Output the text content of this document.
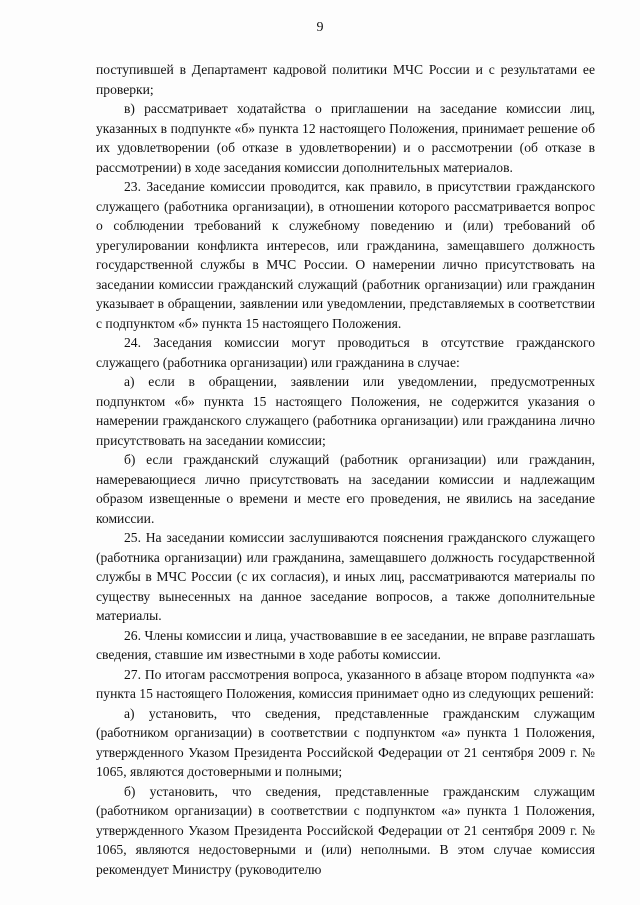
9

поступившей в Департамент кадровой политики МЧС России и с результатами ее проверки;

в) рассматривает ходатайства о приглашении на заседание комиссии лиц, указанных в подпункте «б» пункта 12 настоящего Положения, принимает решение об их удовлетворении (об отказе в удовлетворении) и о рассмотрении (об отказе в рассмотрении) в ходе заседания комиссии дополнительных материалов.

23. Заседание комиссии проводится, как правило, в присутствии гражданского служащего (работника организации), в отношении которого рассматривается вопрос о соблюдении требований к служебному поведению и (или) требований об урегулировании конфликта интересов, или гражданина, замещавшего должность государственной службы в МЧС России. О намерении лично присутствовать на заседании комиссии гражданский служащий (работник организации) или гражданин указывает в обращении, заявлении или уведомлении, представляемых в соответствии с подпунктом «б» пункта 15 настоящего Положения.

24. Заседания комиссии могут проводиться в отсутствие гражданского служащего (работника организации) или гражданина в случае:

а) если в обращении, заявлении или уведомлении, предусмотренных подпунктом «б» пункта 15 настоящего Положения, не содержится указания о намерении гражданского служащего (работника организации) или гражданина лично присутствовать на заседании комиссии;

б) если гражданский служащий (работник организации) или гражданин, намеревающиеся лично присутствовать на заседании комиссии и надлежащим образом извещенные о времени и месте его проведения, не явились на заседание комиссии.

25. На заседании комиссии заслушиваются пояснения гражданского служащего (работника организации) или гражданина, замещавшего должность государственной службы в МЧС России (с их согласия), и иных лиц, рассматриваются материалы по существу вынесенных на данное заседание вопросов, а также дополнительные материалы.

26. Члены комиссии и лица, участвовавшие в ее заседании, не вправе разглашать сведения, ставшие им известными в ходе работы комиссии.

27. По итогам рассмотрения вопроса, указанного в абзаце втором подпункта «а» пункта 15 настоящего Положения, комиссия принимает одно из следующих решений:

а) установить, что сведения, представленные гражданским служащим (работником организации) в соответствии с подпунктом «а» пункта 1 Положения, утвержденного Указом Президента Российской Федерации от 21 сентября 2009 г. № 1065, являются достоверными и полными;

б) установить, что сведения, представленные гражданским служащим (работником организации) в соответствии с подпунктом «а» пункта 1 Положения, утвержденного Указом Президента Российской Федерации от 21 сентября 2009 г. № 1065, являются недостоверными и (или) неполными. В этом случае комиссия рекомендует Министру (руководителю
